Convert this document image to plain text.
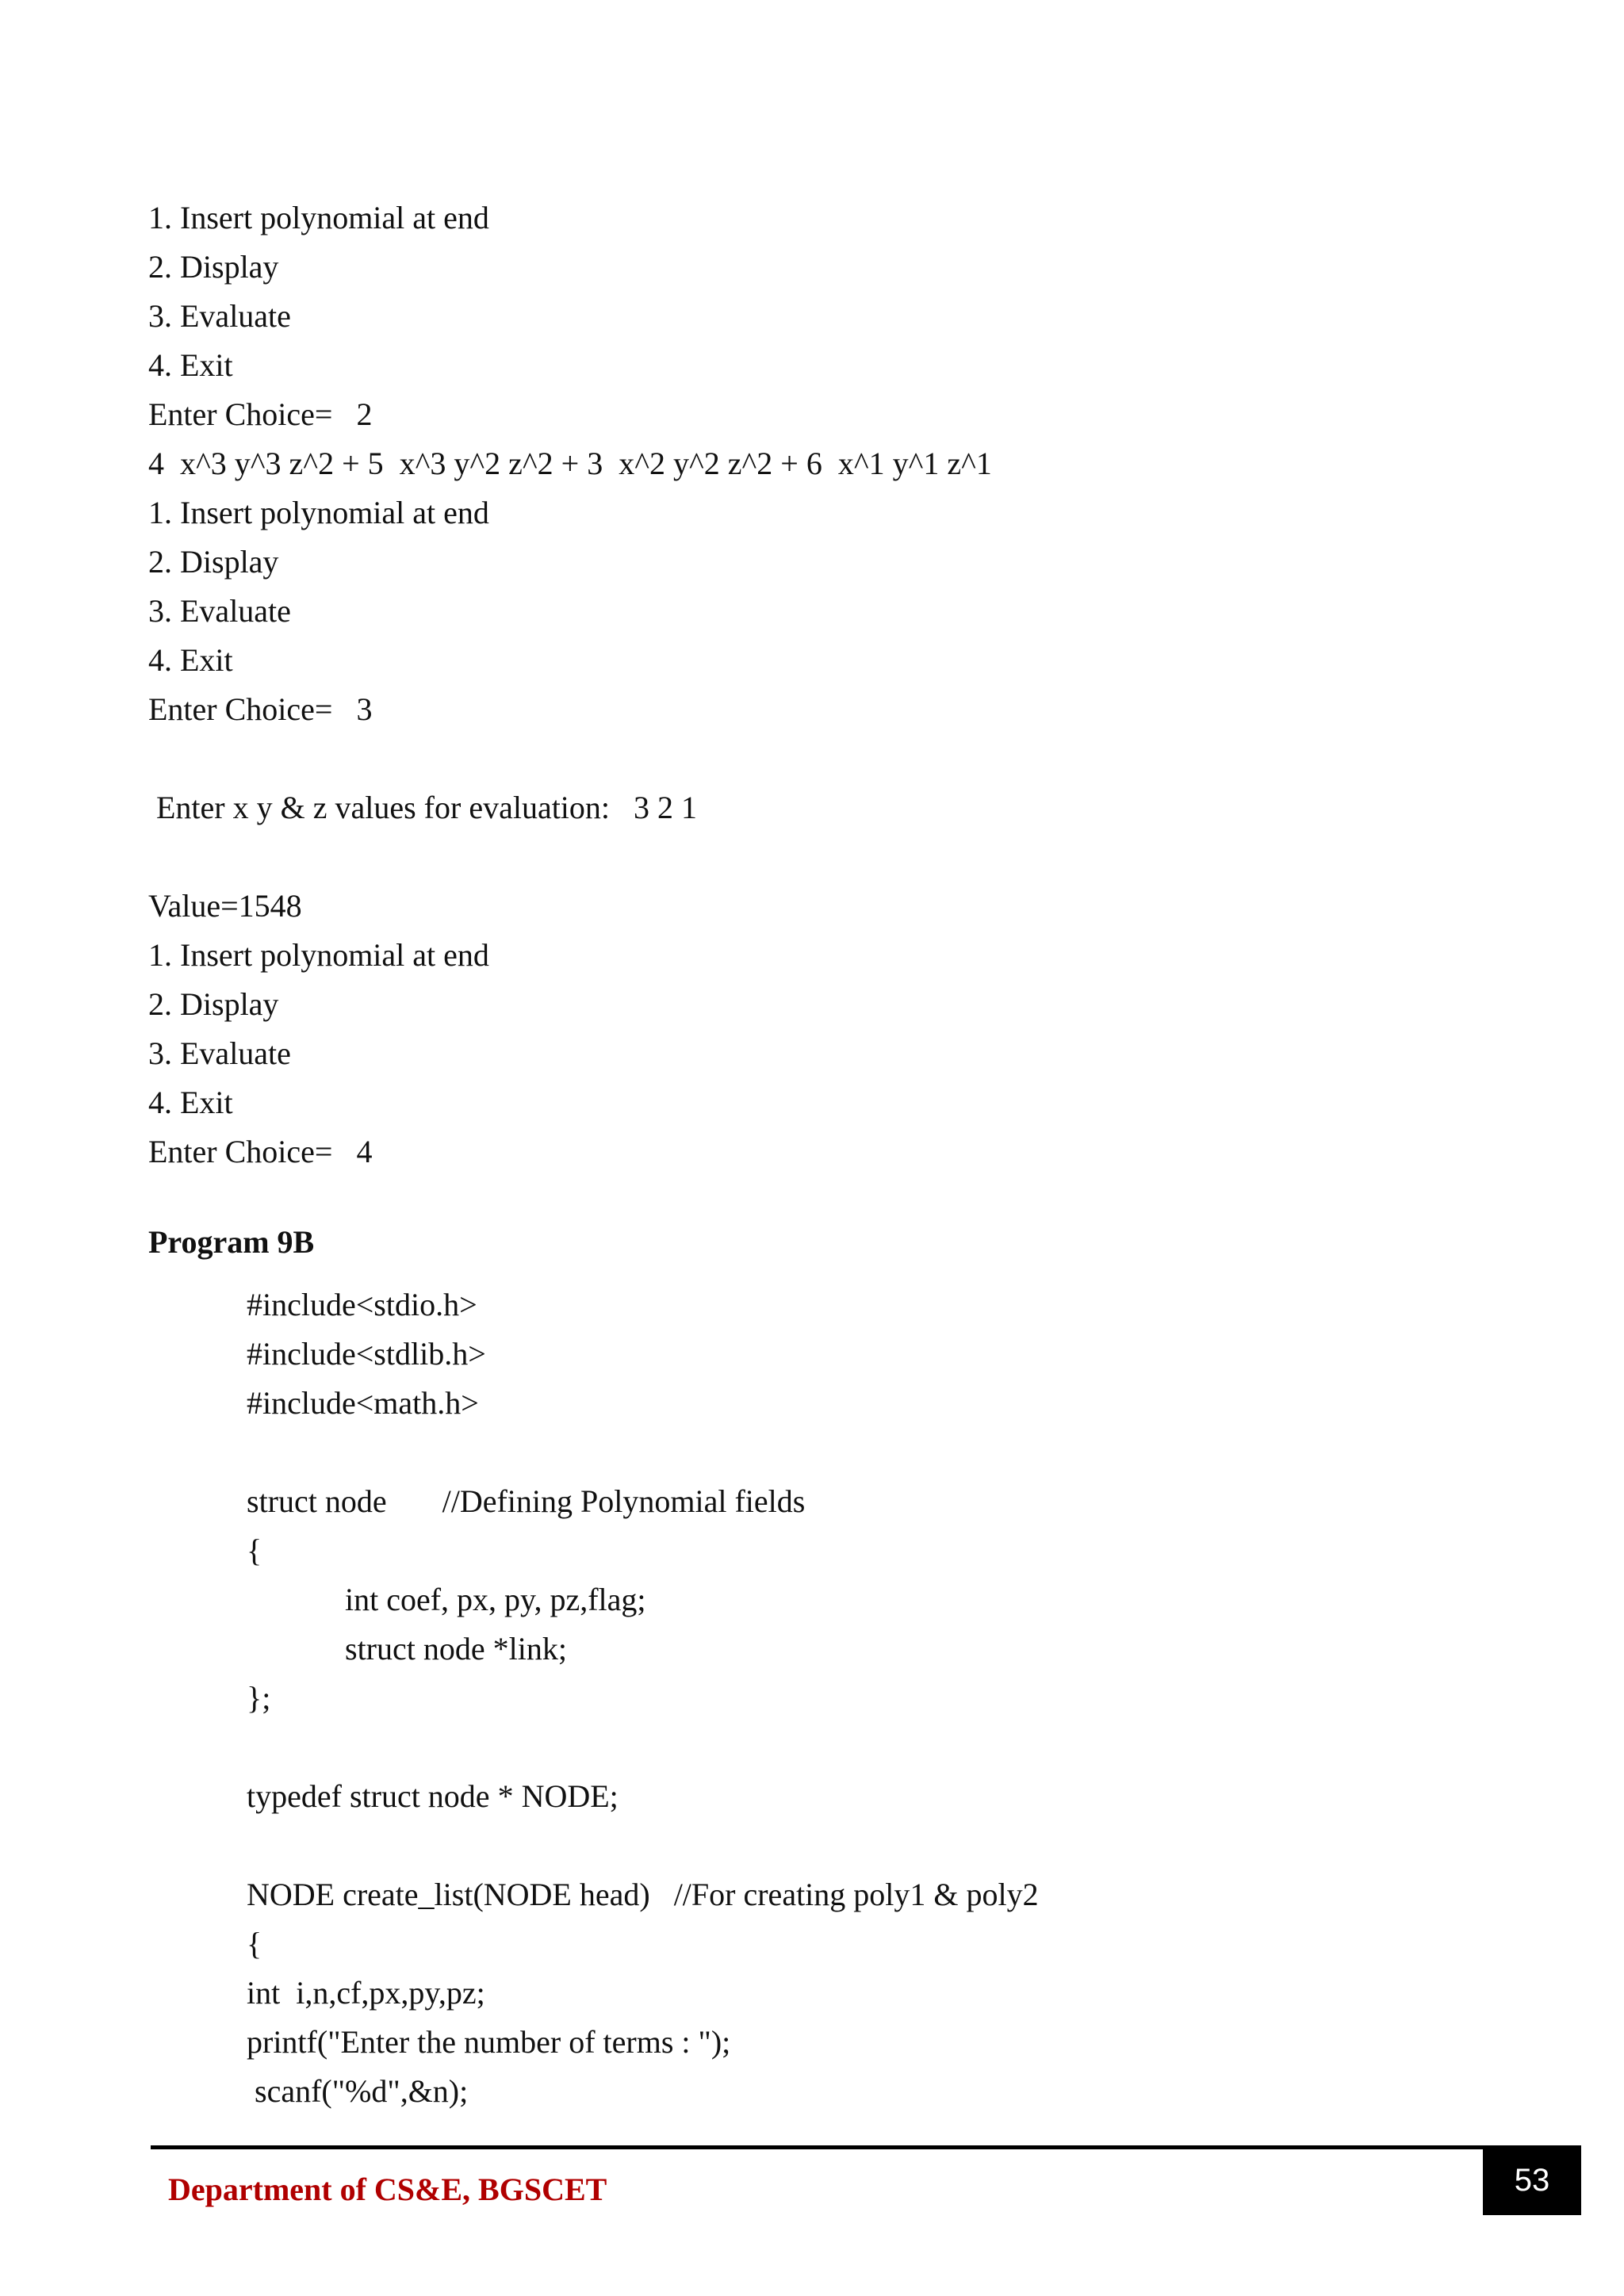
1. Insert polynomial at end
2. Display
3. Evaluate
4. Exit
Enter Choice=   2
4  x^3 y^3 z^2 + 5  x^3 y^2 z^2 + 3  x^2 y^2 z^2 + 6  x^1 y^1 z^1
1. Insert polynomial at end
2. Display
3. Evaluate
4. Exit
Enter Choice=   3
Enter x y & z values for evaluation:   3 2 1
Value=1548
1. Insert polynomial at end
2. Display
3. Evaluate
4. Exit
Enter Choice=   4
Program 9B
#include<stdio.h>
#include<stdlib.h>
#include<math.h>
struct node       //Defining Polynomial fields
{
int coef, px, py, pz,flag;
struct node *link;
};
typedef struct node * NODE;
NODE create_list(NODE head)   //For creating poly1 & poly2
{
int  i,n,cf,px,py,pz;
printf("Enter the number of terms : ");
scanf("%d",&n);
Department of CS&E, BGSCET	53
